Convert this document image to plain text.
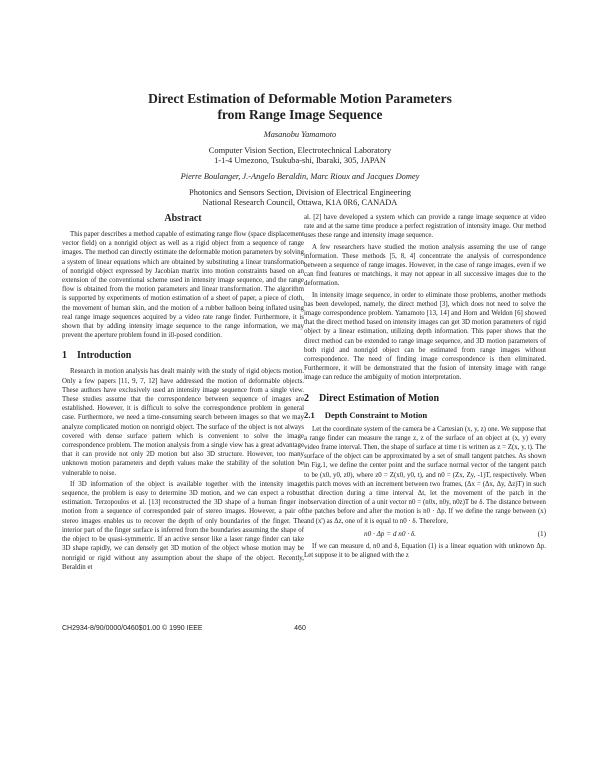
Direct Estimation of Deformable Motion Parameters

from Range Image Sequence

Masanobu Yamamoto

Computer Vision Section, Electrotechnical Laboratory

1-1-4 Umezono, Tsukuba-shi, Ibaraki, 305, JAPAN

Pierre Boulanger, J.-Angelo Beraldin, Marc Rioux and Jacques Domey

Photonics and Sensors Section, Division of Electrical Engineering

National Research Council, Ottawa, K1A 0R6, CANADA

Abstract

This paper describes a method capable of estimating range flow (space displacement vector field) on a nonrigid object as well as a rigid object from a sequence of range images. The method can directly estimate the deformable motion parameters by solving a system of linear equations which are obtained by substituting a linear transformation of nonrigid object expressed by Jacobian matrix into motion constraints based on an extension of the conventional scheme used in intensity image sequence, and the range flow is obtained from the motion parameters and linear transformation. The algorithm is supported by experiments of motion estimation of a sheet of paper, a piece of cloth, the movement of human skin, and the motion of a rubber balloon being inflated using real range image sequences acquired by a video rate range finder. Furthermore, it is shown that by adding intensity image sequence to the range information, we may prevent the aperture problem found in ill-posed condition.

1 Introduction

Research in motion analysis has dealt mainly with the study of rigid objects motion. Only a few papers [11, 9, 7, 12] have addressed the motion of deformable objects. These authors have exclusively used an intensity image sequence from a single view. These studies assume that the correspondence between sequence of images are established. However, it is difficult to solve the correspondence problem in general case. Furthermore, we need a time-consuming search between images so that we may analyze complicated motion on nonrigid object. The surface of the object is not always covered with dense surface pattern which is convenient to solve the image correspondence problem. The motion analysis from a single view has a great advantage that it can provide not only 2D motion but also 3D structure. However, too many unknown motion parameters and depth values make the stability of the solution be vulnerable to noise.

If 3D information of the object is available together with the intensity image sequence, the problem is easy to determine 3D motion, and we can expect a robust estimation. Terzopoulos et al. [13] reconstructed the 3D shape of a human finger in motion from a sequence of corresponded pair of stereo images. However, a pair of stereo images enables us to recover the depth of only boundaries of the finger. The interior part of the finger surface is inferred from the boundaries assuming the shape of the object to be quasi-symmetric. If an active sensor like a laser range finder can take 3D shape rapidly, we can densely get 3D motion of the object whose motion may be nonrigid or rigid without any assumption about the shape of the object. Recently, Beraldin et

al. [2] have developed a system which can provide a range image sequence at video rate and at the same time produce a perfect registration of intensity image. Our method uses these range and intensity image sequence.

A few researchers have studied the motion analysis assuming the use of range information. These methods [5, 8, 4] concentrate the analysis of correspondence between a sequence of range images. However, in the case of range images, even if we can find features or matchings, it may not appear in all successive images due to the deformation.

In intensity image sequence, in order to eliminate those problems, another methods has been developed, namely, the direct method [3], which does not need to solve the image correspondence problem. Yamamoto [13, 14] and Horn and Weldon [6] showed that the direct method based on intensity images can get 3D motion parameters of rigid object by a linear estimation, utilizing depth information. This paper shows that the direct method can be extended to range image sequence, and 3D motion parameters of both rigid and nonrigid object can be estimated from range images without correspondence. The need of finding image correspondence is then eliminated. Furthermore, it will be demonstrated that the fusion of intensity image with range image can reduce the ambiguity of motion interpretation.

2 Direct Estimation of Motion
2.1 Depth Constraint to Motion

Let the coordinate system of the camera be a Cartesian (x, y, z) one. We suppose that a range finder can measure the range z, z of the surface of an object at (x, y) every video frame interval. Then, the shape of surface at time t is written as z = Z(x, y, t). The surface of the object can be approximated by a set of small tangent patches. As shown in Fig.1, we define the center point and the surface normal vector of the tangent patch to be (x0, y0, z0), where z0 = Z(x0, y0, t), and n0 = (Zx, Zy, -1)T, respectively. When this patch moves with an increment between two frames, (Δx = (Δx, Δy, Δz)T) in such that direction during a time interval Δt, let the movement of the patch in the observation direction of a unit vector n0 = (n0x, n0y, n0z)T be δ. The distance between the patches before and after the motion is n0 · Δp. If we define the range between (x) and (x') as Δz, one of it is equal to n0 · δ. Therefore,

n0 · Δp = d n0 · δ.	(1)

If we can measure d, n0 and δ, Equation (1) is a linear equation with unknown Δp. Let suppose it to be aligned with the z

CH2934-8/90/0000/0460$01.00 © 1990 IEEE	460
